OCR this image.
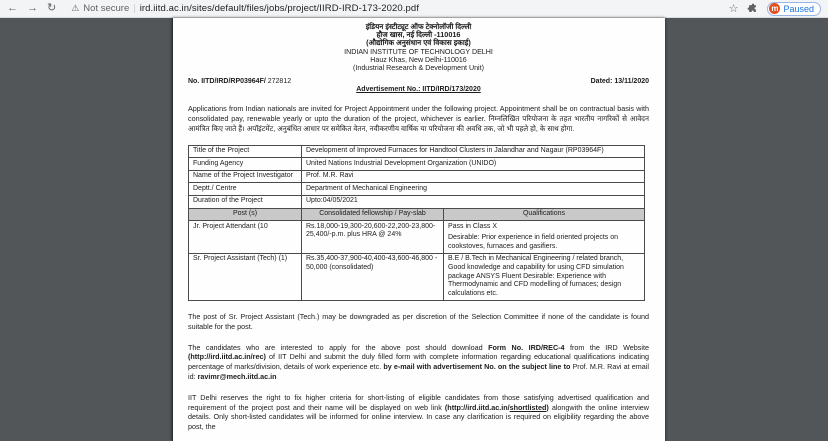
← → ↻ ⚠ Not secure | ird.iitd.ac.in/sites/default/files/jobs/project/IIRD-IRD-173-2020.pdf	☆	m Paused
इंडियन इंस्टीट्यूट ऑफ टेक्नोलॉजी दिल्ली
हौज खास, नई दिल्ली -110016
(औद्योगिक अनुसंधान एवं विकास इकाई)
INDIAN INSTITUTE OF TECHNOLOGY DELHI
Hauz Khas, New Delhi-110016
(Industrial Research & Development Unit)
No. IITD/IRD/RP03964F/ 272812	Dated: 13/11/2020
Advertisement No.: IITD/IRD/173/2020

Applications from Indian nationals are invited for Project Appointment under the following project. Appointment shall be on contractual basis with consolidated pay, renewable yearly or upto the duration of the project, whichever is earlier. निम्नलिखित परियोजना के तहत भारतीय नागरिकों से आवेदन आमंत्रित किए जाते हैं। अपॉइंटमेंट, अनुबंधित आधार पर समेकित वेतन, नवीकरणीय वार्षिक या परियोजना की अवधि तक, जो भी पहले हो, के साथ होगा.

Title of the Project	Development of Improved Furnaces for Handtool Clusters in Jalandhar and Nagaur (RP03964F)	
Funding Agency	United Nations Industrial Development Organization (UNIDO)	
Name of the Project Investigator	Prof. M.R. Ravi	
Deptt./ Centre	Department of Mechanical Engineering	
Duration of the Project	Upto:04/05/2021	
Post (s)	Consolidated fellowship / Pay-slab	Qualifications
Jr. Project Attendant (10	Rs.18,000-19,300-20,600-22,200-23,800-25,400/-p.m. plus HRA @ 24%	Pass in Class X
Desirable: Prior experience in field oriented projects on cookstoves, furnaces and gasifiers.

Sr. Project Assistant (Tech) (1)	Rs.35,400-37,900-40,400-43,600-46,800 - 50,000 (consolidated)	B.E / B.Tech in Mechanical Engineering / related branch, Good knowledge and capability for using CFD simulation package ANSYS Fluent Desirable: Experience with Thermodynamic and CFD modelling of furnaces; design calculations etc.

The post of Sr. Project Assistant (Tech.) may be downgraded as per discretion of the Selection Committee if none of the candidate is found suitable for the post.

The candidates who are interested to apply for the above post should download Form No. IRD/REC-4 from the IRD Website (http://ird.iitd.ac.in/rec) of IIT Delhi and submit the duly filled form with complete information regarding educational qualifications indicating percentage of marks/division, details of work experience etc. by e-mail with advertisement No. on the subject line to Prof. M.R. Ravi at email id: ravimr@mech.iitd.ac.in

IIT Delhi reserves the right to fix higher criteria for short-listing of eligible candidates from those satisfying advertised qualification and requirement of the project post and their name will be displayed on web link (http://ird.iitd.ac.in/shortlisted) alongwith the online interview details. Only short-listed candidates will be informed for online interview. In case any clarification is required on eligibility regarding the above post, the
